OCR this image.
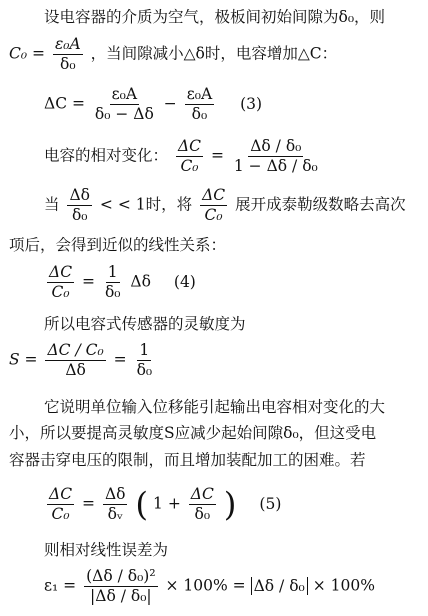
设电容器的介质为空气，极板间初始间隙为δ₀，则
$C_0 = \frac{\text{ε₀A}}{\text{δ₀}}$ ，当间隙减小△δ时，电容增加△C：
$\Delta C = \frac{\text{ε₀A}}{\text{δ₀ − Δδ}} - \frac{\text{ε₀A}}{\text{δ₀}} (3)$
电容的相对变化： $\frac{\Delta C}{\text{C₀}} = \frac{\text{Δδ / δ₀}}{\text{1 − Δδ / δ₀}}$
当 $\frac{\Delta\delta}{\text{δ₀}}$ < < 1时，将 $\frac{\Delta C}{\text{C₀}}$ 展开成泰勒级数略去高次
项后，会得到近似的线性关系：
$\frac{\Delta C}{\text{C₀}} = \frac{1}{\text{δ₀}}$ Δδ (4)
所以电容式传感器的灵敏度为
$S = \frac{\text{ΔC / C₀}}{\Delta\delta} = \frac{1}{\text{δ₀}}$
它说明单位输入位移能引起输出电容相对变化的大
小，所以要提高灵敏度S应减少起始间隙δ₀，但这受电
容器击穿电压的限制，而且增加装配加工的困难。若
$\frac{\Delta C}{\text{C₀}} = \frac{\Delta\delta}{\text{δᵥ}}$ ( $1 + \frac{\Delta C}{\text{δ₀}}$ ) (5)
则相对线性误差为
$\varepsilon_1 = \frac{\text{(Δδ / δ₀)²}}{\text{|Δδ / δ₀|}} \times 100\% = \Delta\delta / \delta_0 \times 100\%$
